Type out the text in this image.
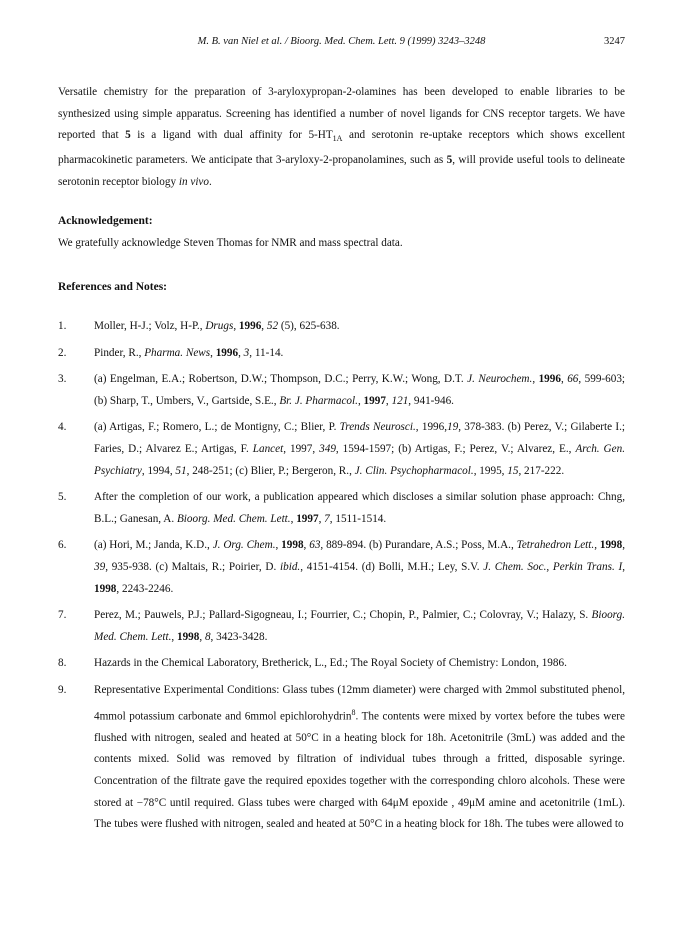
M. B. van Niel et al. / Bioorg. Med. Chem. Lett. 9 (1999) 3243–3248	3247

Versatile chemistry for the preparation of 3-aryloxypropan-2-olamines has been developed to enable libraries to be synthesized using simple apparatus. Screening has identified a number of novel ligands for CNS receptor targets. We have reported that 5 is a ligand with dual affinity for $5-HT_{1A}$ and serotonin re-uptake receptors which shows excellent pharmacokinetic parameters. We anticipate that 3-aryloxy-2-propanolamines, such as 5, will provide useful tools to delineate serotonin receptor biology in vivo.

Acknowledgement:

We gratefully acknowledge Steven Thomas for NMR and mass spectral data.

References and Notes:

1. Moller, H-J.; Volz, H-P., Drugs, 1996, 52 (5), 625-638.

2. Pinder, R., Pharma. News, 1996, 3, 11-14.

3. (a) Engelman, E.A.; Robertson, D.W.; Thompson, D.C.; Perry, K.W.; Wong, D.T. J. Neurochem., 1996, 66, 599-603; (b) Sharp, T., Umbers, V., Gartside, S.E., Br. J. Pharmacol., 1997, 121, 941-946.

4. (a) Artigas, F.; Romero, L.; de Montigny, C.; Blier, P. Trends Neurosci., 1996,19, 378-383. (b) Perez, V.; Gilaberte I.; Faries, D.; Alvarez E.; Artigas, F. Lancet, 1997, 349, 1594-1597; (b) Artigas, F.; Perez, V.; Alvarez, E., Arch. Gen. Psychiatry, 1994, 51, 248-251; (c) Blier, P.; Bergeron, R., J. Clin. Psychopharmacol., 1995, 15, 217-222.

5. After the completion of our work, a publication appeared which discloses a similar solution phase approach: Chng, B.L.; Ganesan, A. Bioorg. Med. Chem. Lett., 1997, 7, 1511-1514.

6. (a) Hori, M.; Janda, K.D., J. Org. Chem., 1998, 63, 889-894. (b) Purandare, A.S.; Poss, M.A., Tetrahedron Lett., 1998, 39, 935-938. (c) Maltais, R.; Poirier, D. ibid., 4151-4154. (d) Bolli, M.H.; Ley, S.V. J. Chem. Soc., Perkin Trans. I, 1998, 2243-2246.

7. Perez, M.; Pauwels, P.J.; Pallard-Sigogneau, I.; Fourrier, C.; Chopin, P., Palmier, C.; Colovray, V.; Halazy, S. Bioorg. Med. Chem. Lett., 1998, 8, 3423-3428.

8. Hazards in the Chemical Laboratory, Bretherick, L., Ed.; The Royal Society of Chemistry: London, 1986.

9. Representative Experimental Conditions: Glass tubes (12mm diameter) were charged with 2mmol substituted phenol, 4mmol potassium carbonate and 6mmol epichlorohydrin$^8$. The contents were mixed by vortex before the tubes were flushed with nitrogen, sealed and heated at 50°C in a heating block for 18h. Acetonitrile (3mL) was added and the contents mixed. Solid was removed by filtration of individual tubes through a fritted, disposable syringe. Concentration of the filtrate gave the required epoxides together with the corresponding chloro alcohols. These were stored at −78°C until required. Glass tubes were charged with 64μM epoxide , 49μM amine and acetonitrile (1mL). The tubes were flushed with nitrogen, sealed and heated at 50°C in a heating block for 18h. The tubes were allowed to
